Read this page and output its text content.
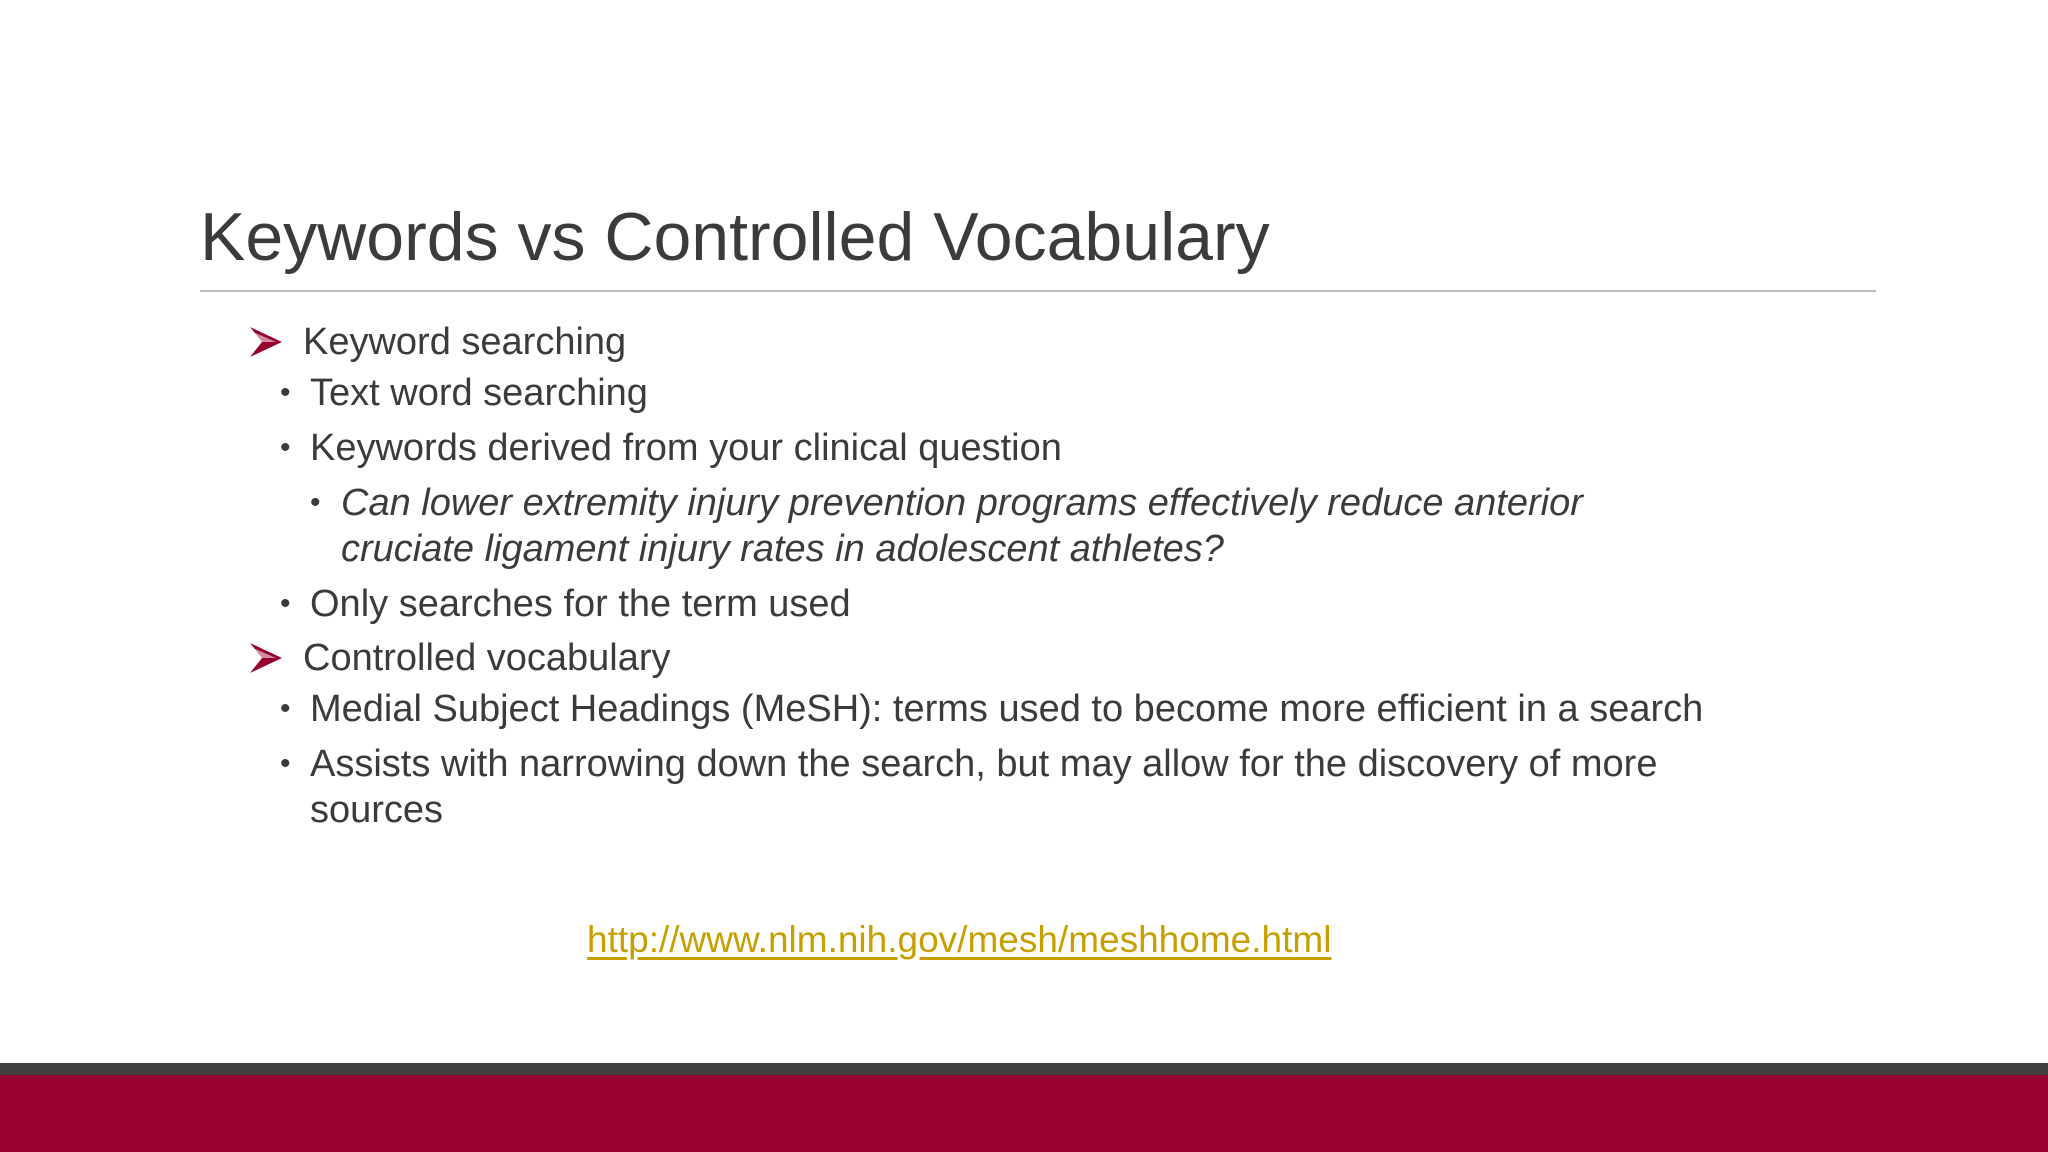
Keywords vs Controlled Vocabulary
Keyword searching
• Text word searching
• Keywords derived from your clinical question
• Can lower extremity injury prevention programs effectively reduce anterior cruciate ligament injury rates in adolescent athletes?
• Only searches for the term used
Controlled vocabulary
• Medial Subject Headings (MeSH): terms used to become more efficient in a search
• Assists with narrowing down the search, but may allow for the discovery of more sources
http://www.nlm.nih.gov/mesh/meshhome.html
